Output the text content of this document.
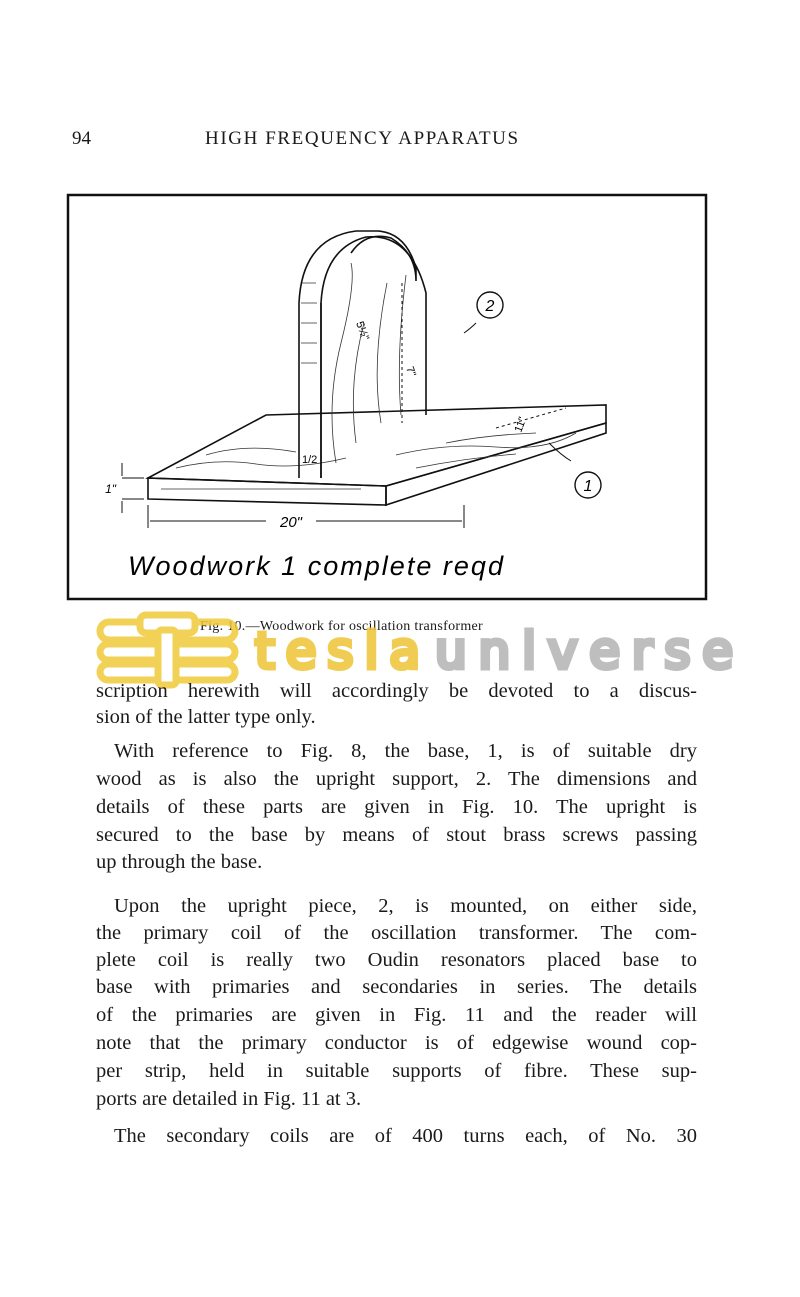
94	HIGH FREQUENCY APPARATUS
2
1
1/2
20"
1"
5½"
7"
11"
Woodwork 1 complete reqd
Fig. 10.—Woodwork for oscillation transformer
tesla universe
scription herewith will accordingly be devoted to a discus-
sion of the latter type only.
With reference to Fig. 8, the base, 1, is of suitable dry
wood as is also the upright support, 2. The dimensions and
details of these parts are given in Fig. 10. The upright is
secured to the base by means of stout brass screws passing
up through the base.
Upon the upright piece, 2, is mounted, on either side,
the primary coil of the oscillation transformer. The com-
plete coil is really two Oudin resonators placed base to
base with primaries and secondaries in series. The details
of the primaries are given in Fig. 11 and the reader will
note that the primary conductor is of edgewise wound cop-
per strip, held in suitable supports of fibre. These sup-
ports are detailed in Fig. 11 at 3.
The secondary coils are of 400 turns each, of No. 30
